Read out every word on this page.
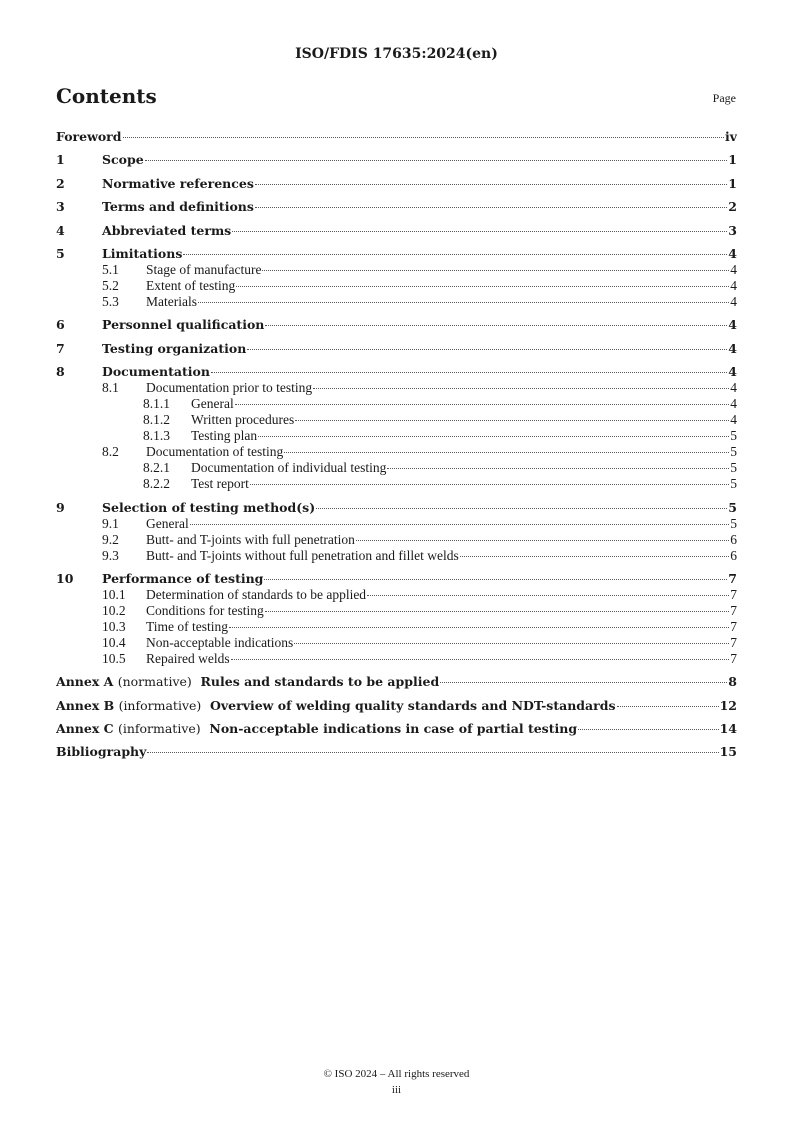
ISO/FDIS 17635:2024(en)
Contents	Page
Foreword	iv
1	Scope	1
2	Normative references	1
3	Terms and definitions	2
4	Abbreviated terms	3
5	Limitations	4
5.1	Stage of manufacture	4
5.2	Extent of testing	4
5.3	Materials	4
6	Personnel qualification	4
7	Testing organization	4
8	Documentation	4
8.1	Documentation prior to testing	4
8.1.1	General	4
8.1.2	Written procedures	4
8.1.3	Testing plan	5
8.2	Documentation of testing	5
8.2.1	Documentation of individual testing	5
8.2.2	Test report	5
9	Selection of testing method(s)	5
9.1	General	5
9.2	Butt- and T-joints with full penetration	6
9.3	Butt- and T-joints without full penetration and fillet welds	6
10	Performance of testing	7
10.1	Determination of standards to be applied	7
10.2	Conditions for testing	7
10.3	Time of testing	7
10.4	Non-acceptable indications	7
10.5	Repaired welds	7
Annex A (normative) Rules and standards to be applied	8
Annex B (informative) Overview of welding quality standards and NDT-standards	12
Annex C (informative) Non-acceptable indications in case of partial testing	14
Bibliography	15
© ISO 2024 – All rights reserved
iii
